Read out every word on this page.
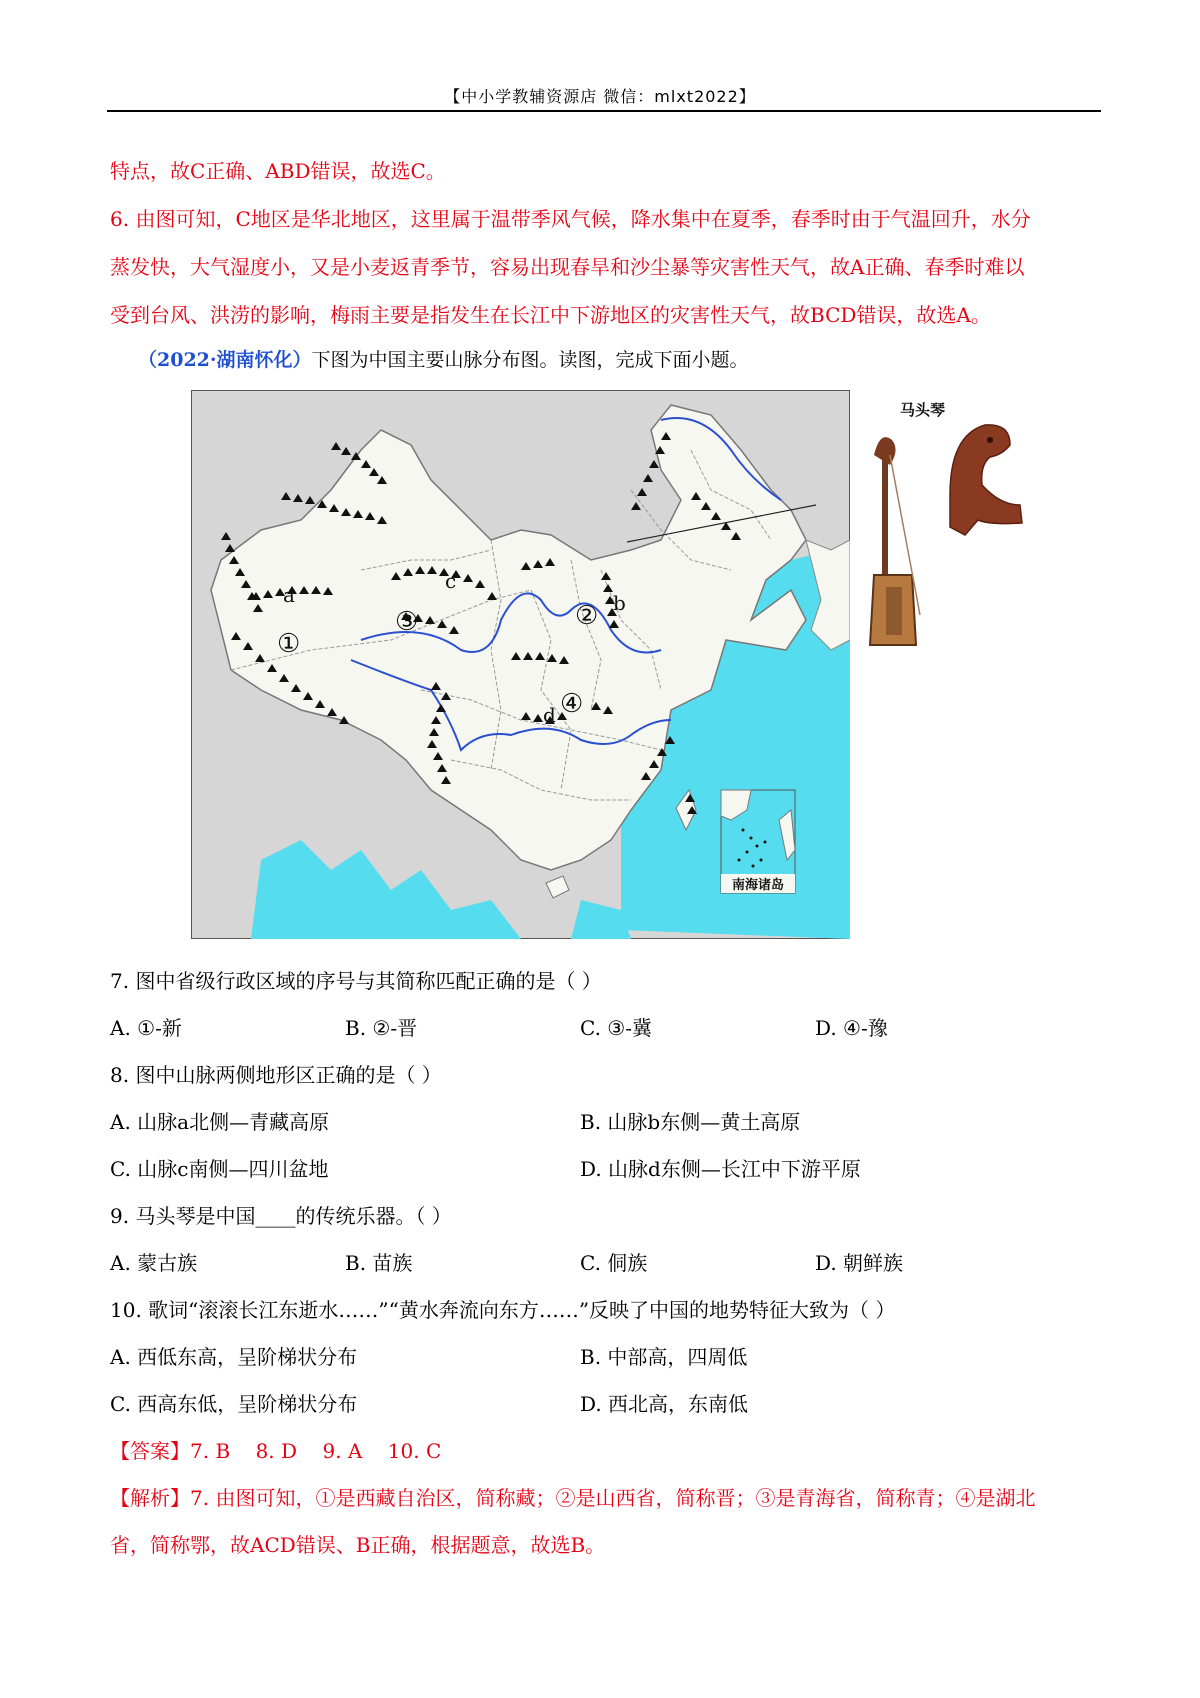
【中小学教辅资源店 微信：mlxt2022】
特点，故C正确、ABD错误，故选C。
6. 由图可知，C地区是华北地区，这里属于温带季风气候，降水集中在夏季，春季时由于气温回升，水分
蒸发快，大气湿度小，又是小麦返青季节，容易出现春旱和沙尘暴等灾害性天气，故A正确、春季时难以
受到台风、洪涝的影响，梅雨主要是指发生在长江中下游地区的灾害性天气，故BCD错误，故选A。
（2022·湖南怀化）下图为中国主要山脉分布图。读图，完成下面小题。
a	b
c
d
①
②
③
④
南海诸岛
马头琴
7. 图中省级行政区域的序号与其简称匹配正确的是（ ）
A. ①-新	B. ②-晋	C. ③-冀	D. ④-豫
8. 图中山脉两侧地形区正确的是（ ）
A. 山脉a北侧—青藏高原	B. 山脉b东侧—黄土高原
C. 山脉c南侧—四川盆地	D. 山脉d东侧—长江中下游平原
9. 马头琴是中国____的传统乐器。（ ）
A. 蒙古族	B. 苗族	C. 侗族	D. 朝鲜族
10. 歌词“滚滚长江东逝水……”“黄水奔流向东方……”反映了中国的地势特征大致为（ ）
A. 西低东高，呈阶梯状分布	B. 中部高，四周低
C. 西高东低，呈阶梯状分布	D. 西北高，东南低
【答案】7. B    8. D    9. A    10. C
【解析】7. 由图可知，①是西藏自治区，简称藏；②是山西省，简称晋；③是青海省，简称青；④是湖北
省，简称鄂，故ACD错误、B正确，根据题意，故选B。
